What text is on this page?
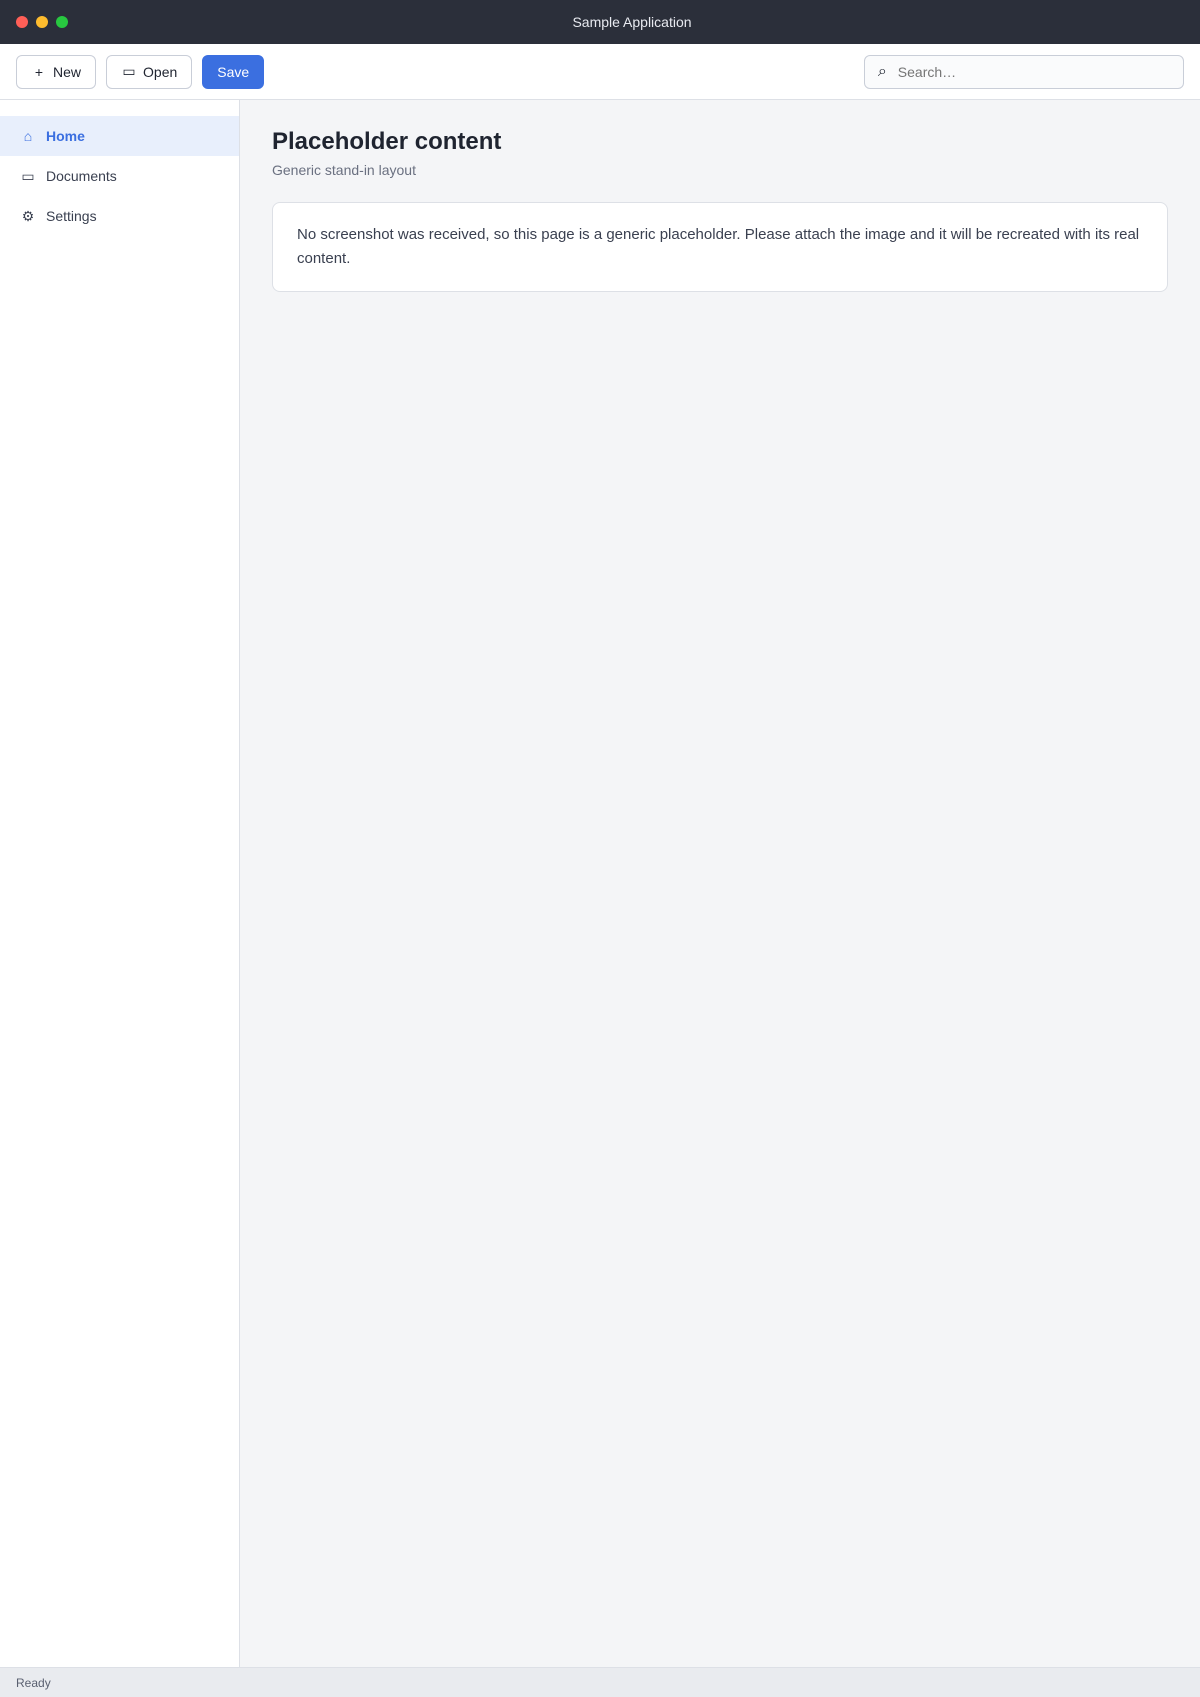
Sample Application
+ New	▭ Open	Save	⌕
Search…
⌂ Home
▭ Documents
⚙ Settings
Placeholder content
Generic stand-in layout

No screenshot was received, so this page is a generic placeholder. Please attach the image and it will be recreated with its real content.

Ready
